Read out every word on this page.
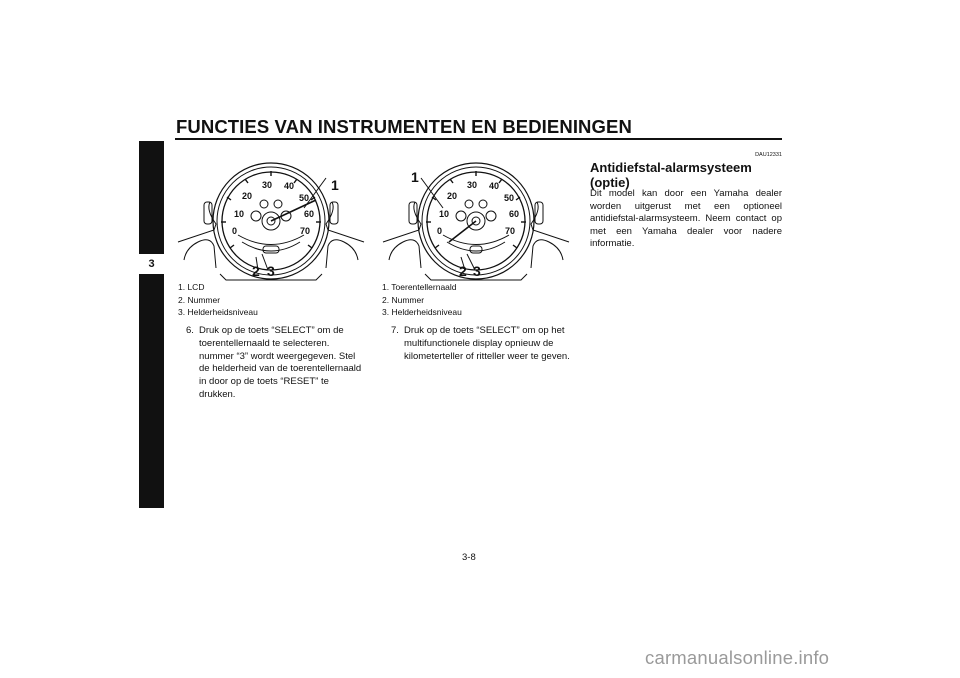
FUNCTIES VAN INSTRUMENTEN EN BEDIENINGEN
3
0
10
20
30 40
50
60
70
1
2 3
1. LCD
2. Nummer
3. Helderheidsniveau
0
10
20
30 40
50
60
70
1
2 3
1. Toerentellernaald
2. Nummer
3. Helderheidsniveau
6. Druk op de toets “SELECT” om de toerentellernaald te selecteren. nummer “3” wordt weergegeven. Stel de helderheid van de toerentellernaald in door op de toets “RESET” te drukken.
7. Druk op de toets “SELECT” om op het multifunctionele display opnieuw de kilometerteller of ritteller weer te geven.
DAU12331
Antidiefstal-alarmsysteem (optie)

Dit model kan door een Yamaha dealer worden uitgerust met een optioneel antidiefstal-alarmsysteem. Neem contact op met een Yamaha dealer voor nadere informatie.

3-8
carmanualsonline.info
